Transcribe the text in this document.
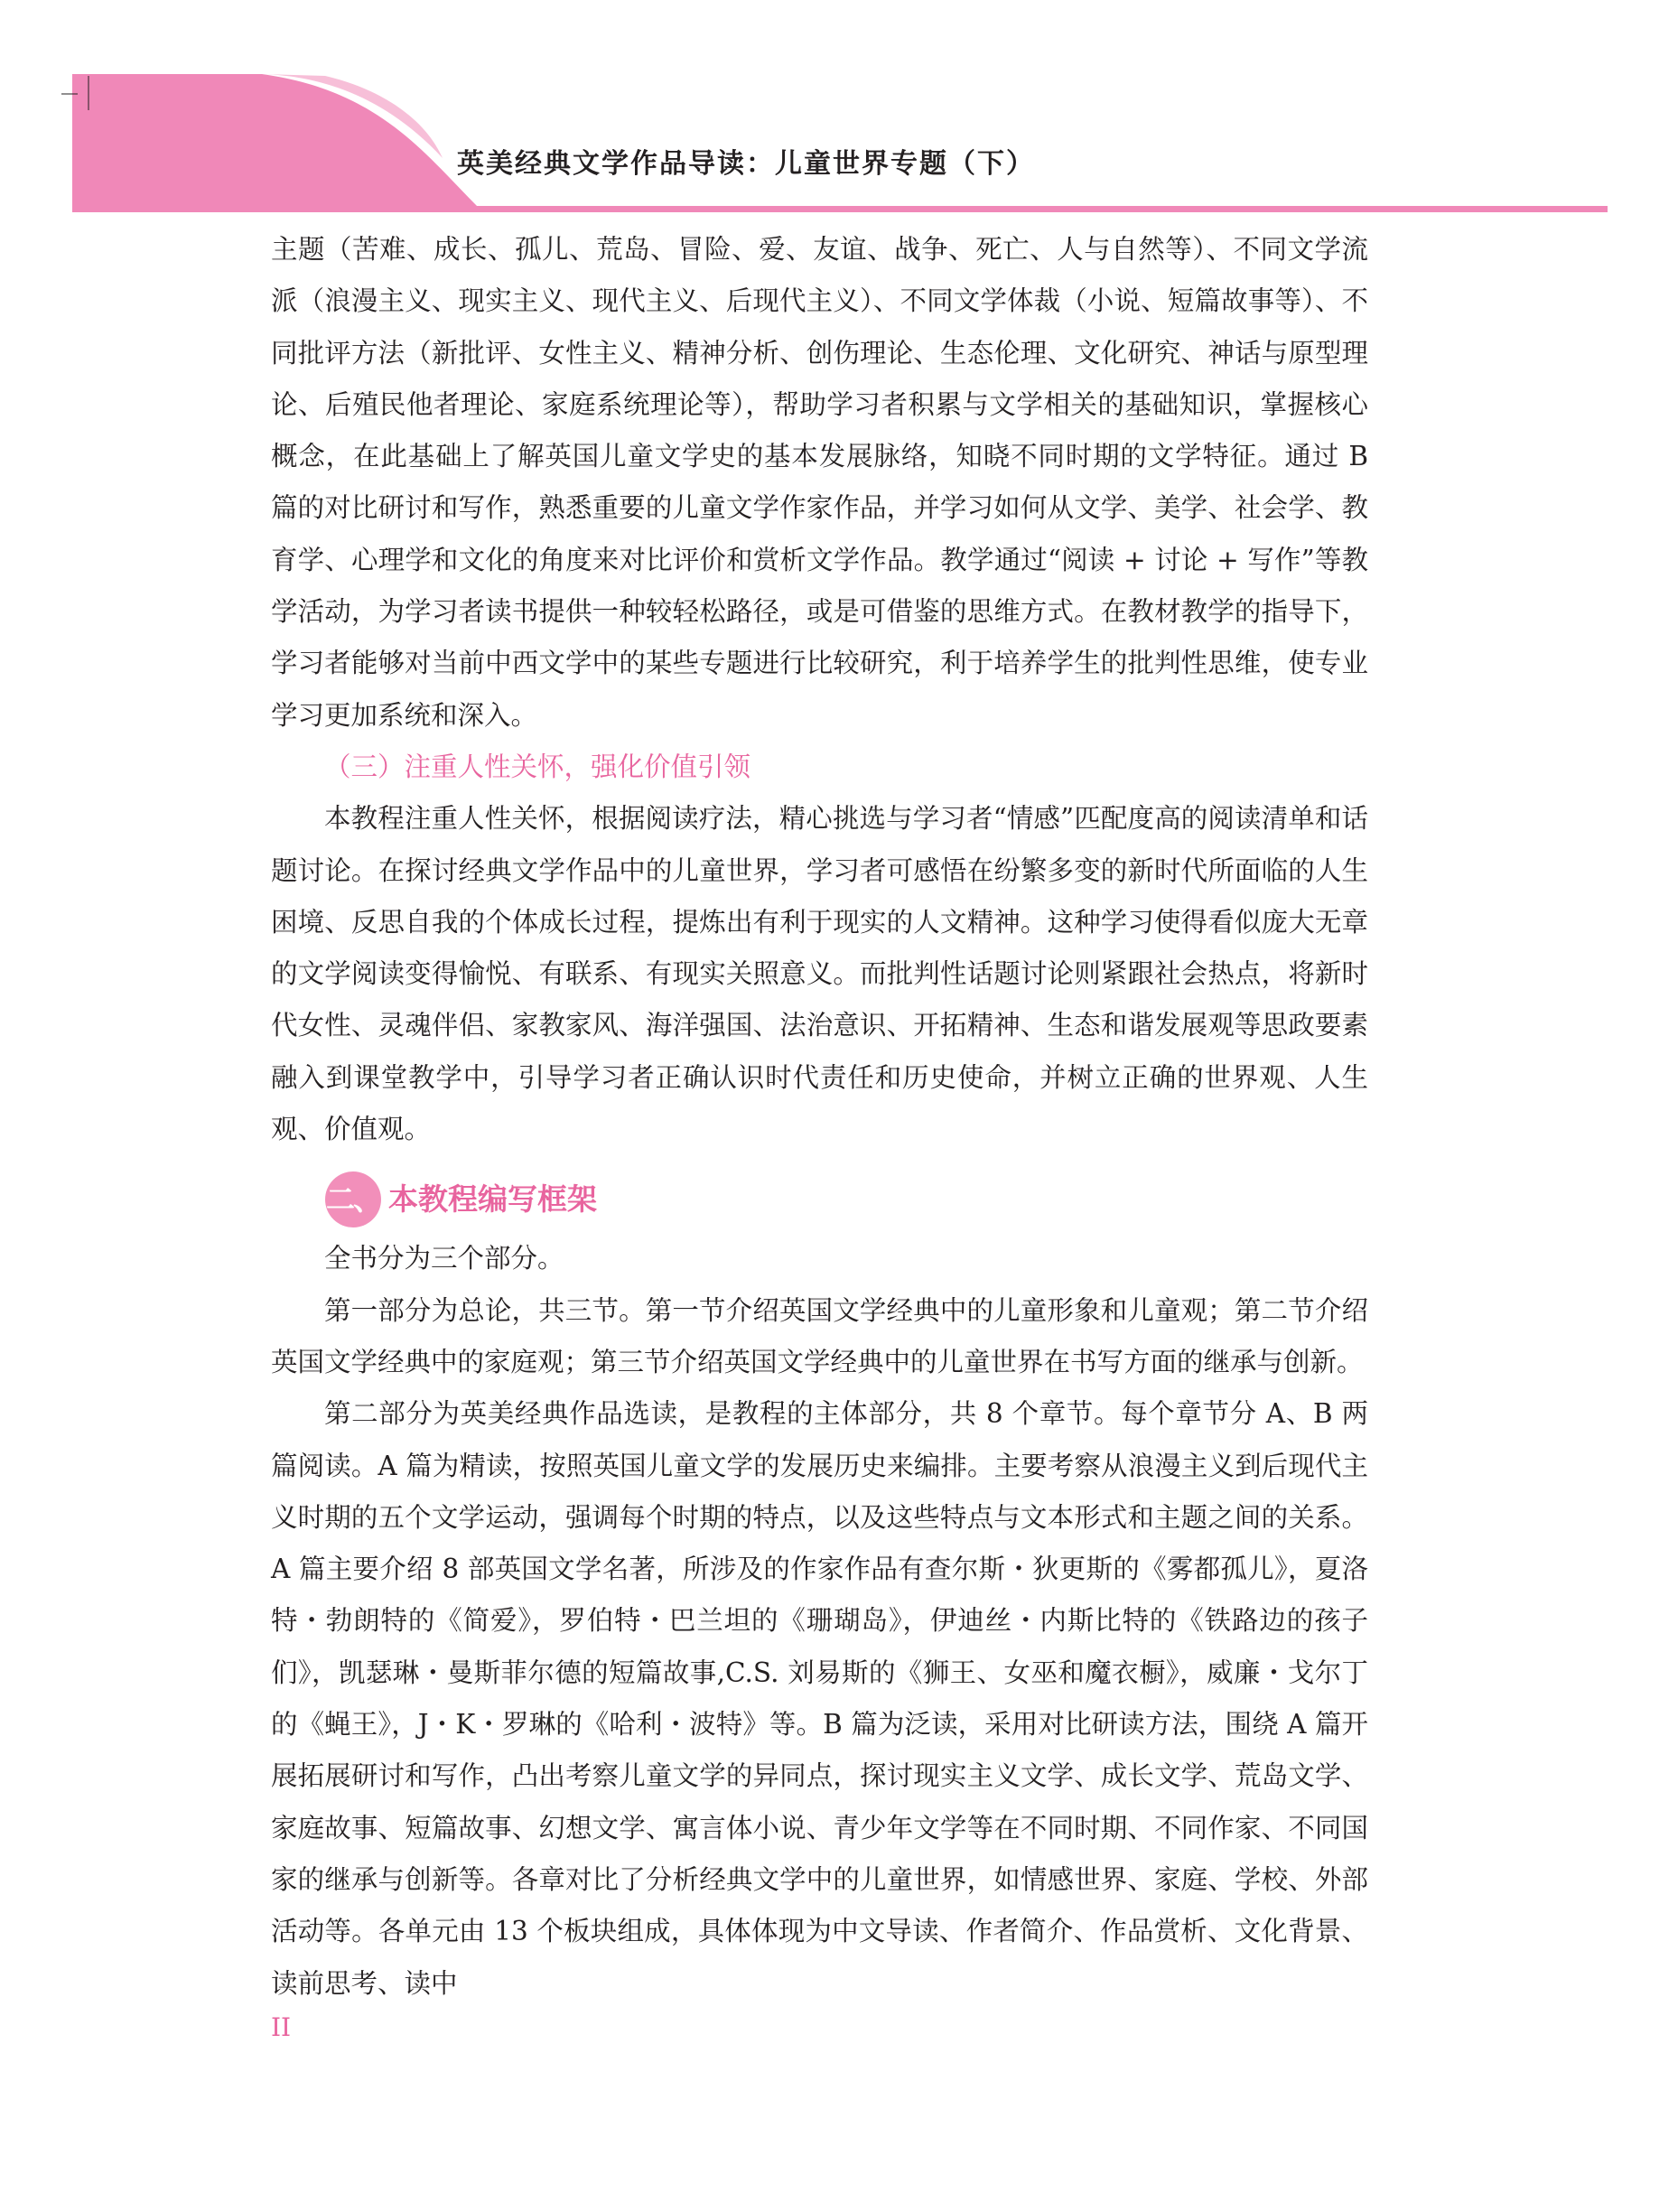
英美经典文学作品导读：儿童世界专题（下）

主题（苦难、成长、孤儿、荒岛、冒险、爱、友谊、战争、死亡、人与自然等）、不同文学流派（浪漫主义、现实主义、现代主义、后现代主义）、不同文学体裁（小说、短篇故事等）、不同批评方法（新批评、女性主义、精神分析、创伤理论、生态伦理、文化研究、神话与原型理论、后殖民他者理论、家庭系统理论等），帮助学习者积累与文学相关的基础知识，掌握核心概念，在此基础上了解英国儿童文学史的基本发展脉络，知晓不同时期的文学特征。通过 B 篇的对比研讨和写作，熟悉重要的儿童文学作家作品，并学习如何从文学、美学、社会学、教育学、心理学和文化的角度来对比评价和赏析文学作品。教学通过“阅读 + 讨论 + 写作”等教学活动，为学习者读书提供一种较轻松路径，或是可借鉴的思维方式。在教材教学的指导下，学习者能够对当前中西文学中的某些专题进行比较研究，利于培养学生的批判性思维，使专业学习更加系统和深入。

（三）注重人性关怀，强化价值引领

本教程注重人性关怀，根据阅读疗法，精心挑选与学习者“情感”匹配度高的阅读清单和话题讨论。在探讨经典文学作品中的儿童世界，学习者可感悟在纷繁多变的新时代所面临的人生困境、反思自我的个体成长过程，提炼出有利于现实的人文精神。这种学习使得看似庞大无章的文学阅读变得愉悦、有联系、有现实关照意义。而批判性话题讨论则紧跟社会热点，将新时代女性、灵魂伴侣、家教家风、海洋强国、法治意识、开拓精神、生态和谐发展观等思政要素融入到课堂教学中，引导学习者正确认识时代责任和历史使命，并树立正确的世界观、人生观、价值观。

二、 本教程编写框架

全书分为三个部分。

第一部分为总论，共三节。第一节介绍英国文学经典中的儿童形象和儿童观；第二节介绍英国文学经典中的家庭观；第三节介绍英国文学经典中的儿童世界在书写方面的继承与创新。

第二部分为英美经典作品选读，是教程的主体部分，共 8 个章节。每个章节分 A、B 两篇阅读。A 篇为精读，按照英国儿童文学的发展历史来编排。主要考察从浪漫主义到后现代主义时期的五个文学运动，强调每个时期的特点，以及这些特点与文本形式和主题之间的关系。A 篇主要介绍 8 部英国文学名著，所涉及的作家作品有查尔斯・狄更斯的《雾都孤儿》，夏洛特・勃朗特的《简爱》，罗伯特・巴兰坦的《珊瑚岛》，伊迪丝・内斯比特的《铁路边的孩子们》，凯瑟琳・曼斯菲尔德的短篇故事,C.S. 刘易斯的《狮王、女巫和魔衣橱》，威廉・戈尔丁的《蝇王》，J・K・罗琳的《哈利・波特》等。B 篇为泛读，采用对比研读方法，围绕 A 篇开展拓展研讨和写作，凸出考察儿童文学的异同点，探讨现实主义文学、成长文学、荒岛文学、家庭故事、短篇故事、幻想文学、寓言体小说、青少年文学等在不同时期、不同作家、不同国家的继承与创新等。各章对比了分析经典文学中的儿童世界，如情感世界、家庭、学校、外部活动等。各单元由 13 个板块组成，具体体现为中文导读、作者简介、作品赏析、文化背景、读前思考、读中

II
